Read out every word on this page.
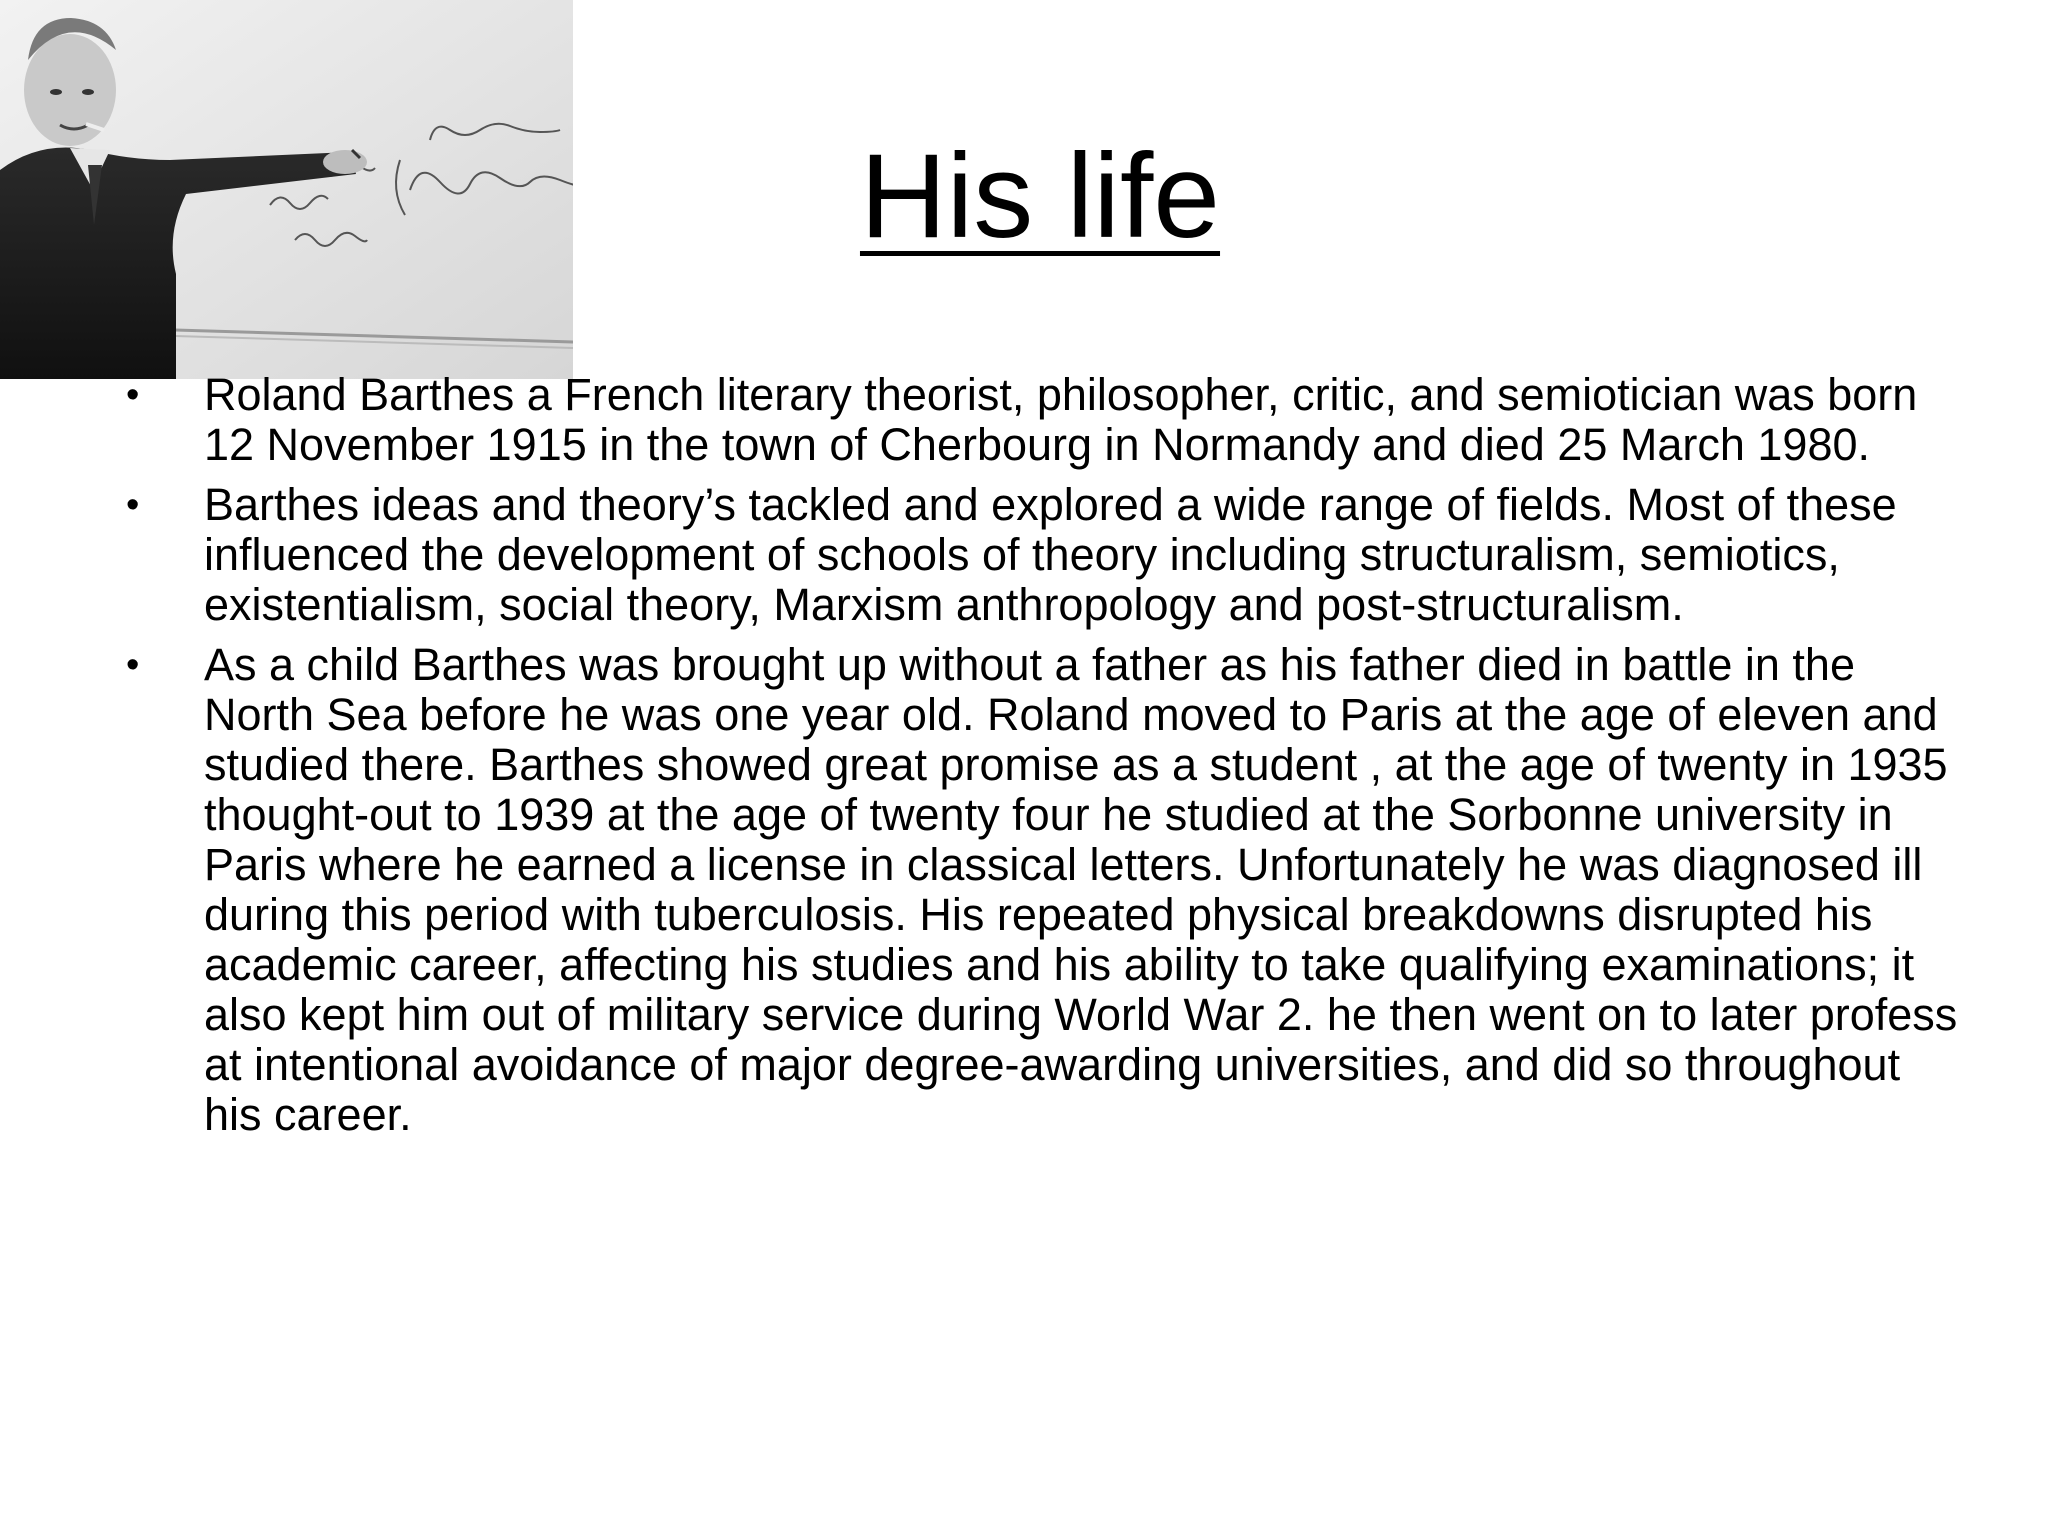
His life
• Roland Barthes a French literary theorist, philosopher, critic, and semiotician was born 12 November 1915 in the town of Cherbourg in Normandy and died 25 March 1980.
• Barthes ideas and theory’s tackled and explored a wide range of fields. Most of these influenced the development of schools of theory including structuralism, semiotics, existentialism, social theory, Marxism anthropology and post-structuralism.
• As a child Barthes was brought up without a father as his father died in battle in the North Sea before he was one year old. Roland moved to Paris at the age of eleven and studied there. Barthes showed great promise as a student , at the age of twenty in 1935 thought-out to 1939 at the age of twenty four he studied at the Sorbonne university in Paris where he earned a license in classical letters. Unfortunately he was diagnosed ill during this period with tuberculosis. His repeated physical breakdowns disrupted his academic career, affecting his studies and his ability to take qualifying examinations; it also kept him out of military service during World War 2. he then went on to later profess at intentional avoidance of major degree-awarding universities, and did so throughout his career.
